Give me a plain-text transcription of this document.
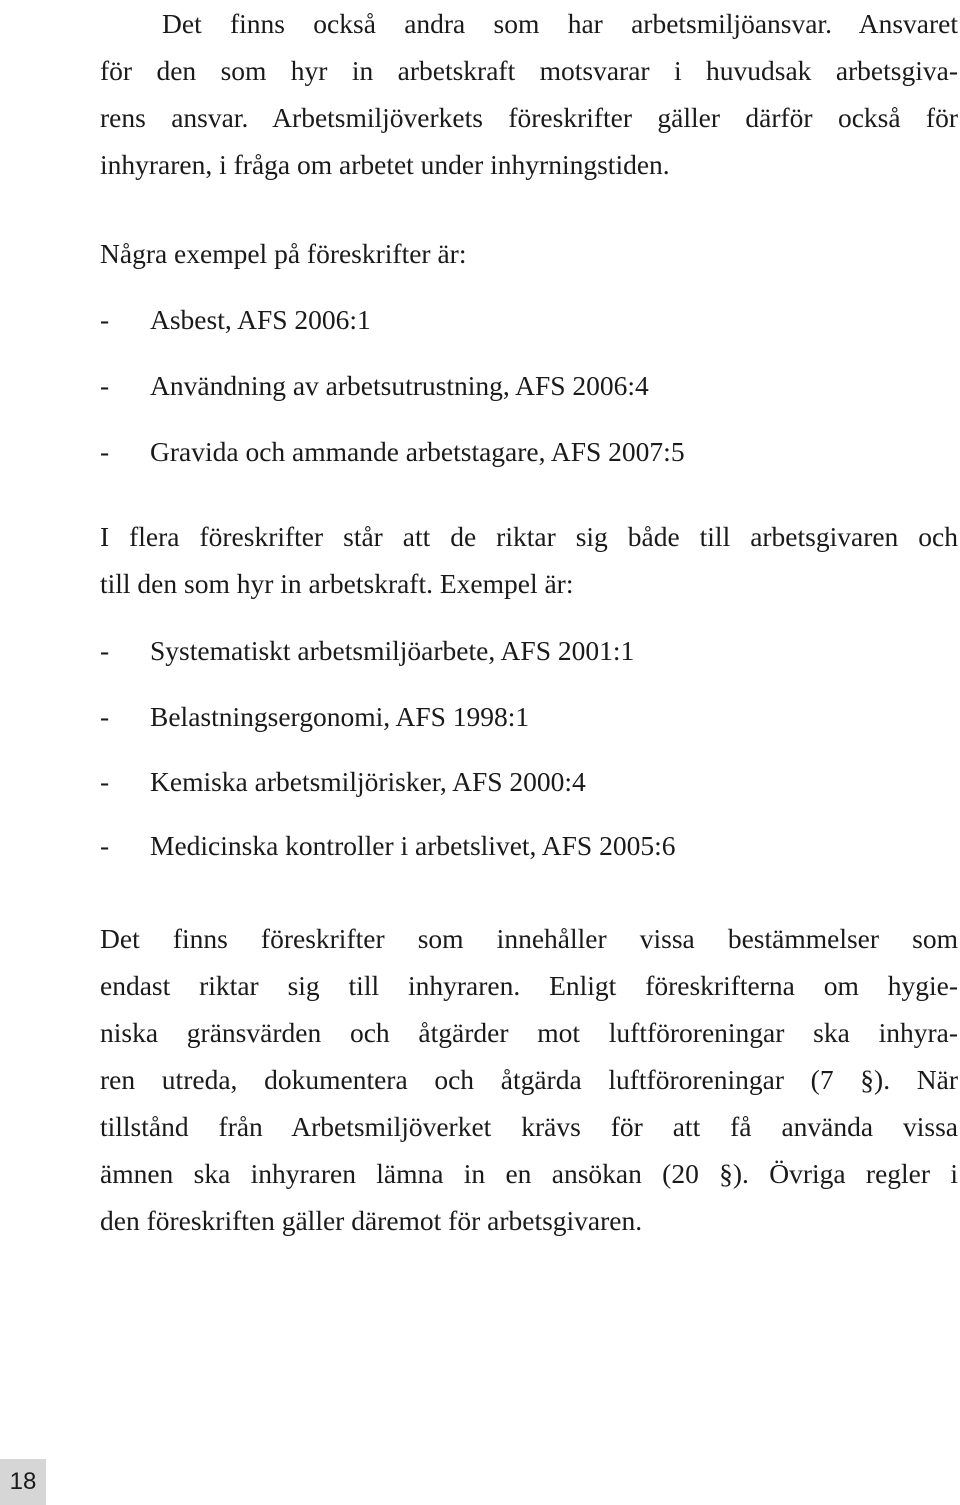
Det finns också andra som har arbetsmiljöansvar. Ansvaret
för den som hyr in arbetskraft motsvarar i huvudsak arbetsgiva-
rens ansvar. Arbetsmiljöverkets föreskrifter gäller därför också för
inhyraren, i fråga om arbetet under inhyrningstiden.
Några exempel på föreskrifter är:
- Asbest, AFS 2006:1
- Användning av arbetsutrustning, AFS 2006:4
- Gravida och ammande arbetstagare, AFS 2007:5
I flera föreskrifter står att de riktar sig både till arbetsgivaren och
till den som hyr in arbetskraft. Exempel är:
- Systematiskt arbetsmiljöarbete, AFS 2001:1
- Belastningsergonomi, AFS 1998:1
- Kemiska arbetsmiljörisker, AFS 2000:4
- Medicinska kontroller i arbetslivet, AFS 2005:6
Det finns föreskrifter som innehåller vissa bestämmelser som
endast riktar sig till inhyraren. Enligt föreskrifterna om hygie-
niska gränsvärden och åtgärder mot luftföroreningar ska inhyra-
ren utreda, dokumentera och åtgärda luftföroreningar (7 §). När
tillstånd från Arbetsmiljöverket krävs för att få använda vissa
ämnen ska inhyraren lämna in en ansökan (20 §). Övriga regler i
den föreskriften gäller däremot för arbetsgivaren.
18
